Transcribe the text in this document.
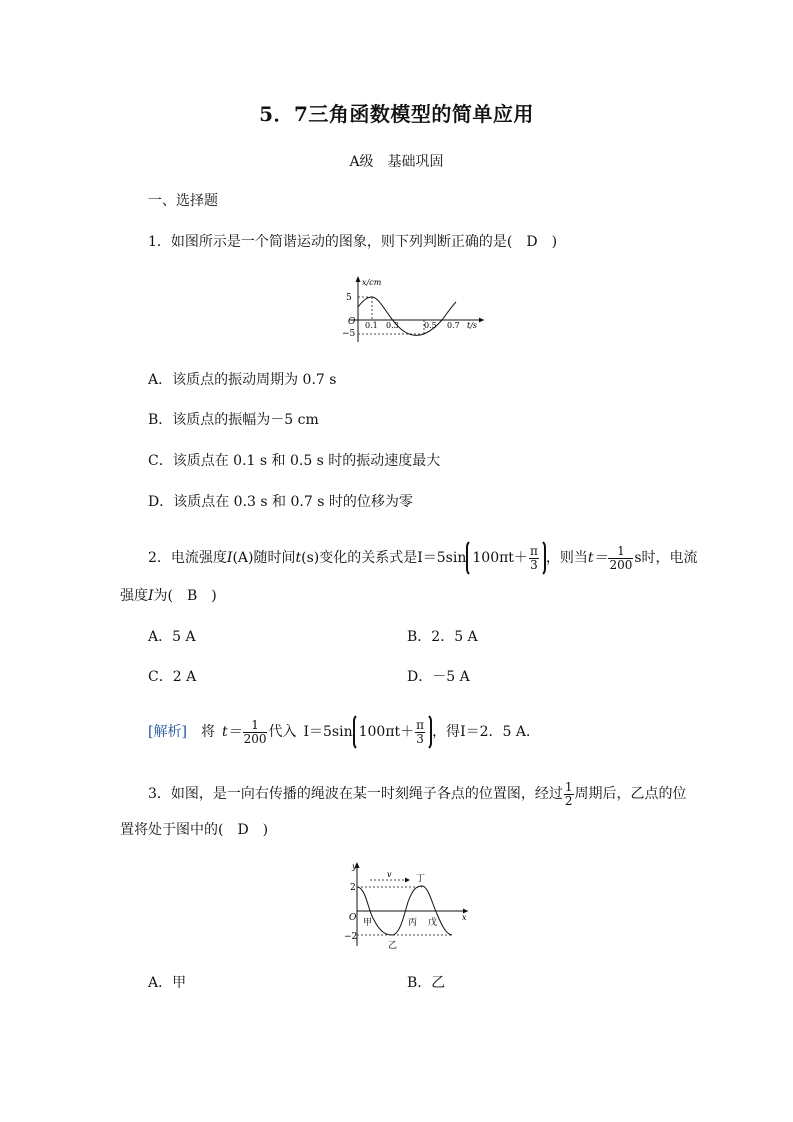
5．7三角函数模型的简单应用
A级　基础巩固
一、选择题
1．如图所示是一个简谐运动的图象，则下列判断正确的是(　D　)
x/cm
5
−5
O 0.1 0.3	0.5 0.7 t/s
A．该质点的振动周期为 0.7 s
B．该质点的振幅为－5 cm
C．该质点在 0.1 s 和 0.5 s 时的振动速度最大
D．该质点在 0.3 s 和 0.7 s 时的位移为零
2．电流强度I(A)随时间t(s)变化的关系式是I＝5sin $100\pi t+ \frac{\pi}{3}$ ，则当$t= \frac{1}{200}$ s时，电流
强度I为(　B　)
A．5 A	B．2．5 A
C．2 A	D．－5 A
[解析]  将  $t= \frac{1}{200}$ 代入  I＝5sin $100\pi t+ \frac{\pi}{3}$ ，得I＝2．5 A．
3．如图，是一向右传播的绳波在某一时刻绳子各点的位置图，经过 $\frac{1}{2}$ 周期后，乙点的位
置将处于图中的(　D　)
y
x
2
−2
O
v
甲
乙
丙
丁
戊
A．甲	B．乙
